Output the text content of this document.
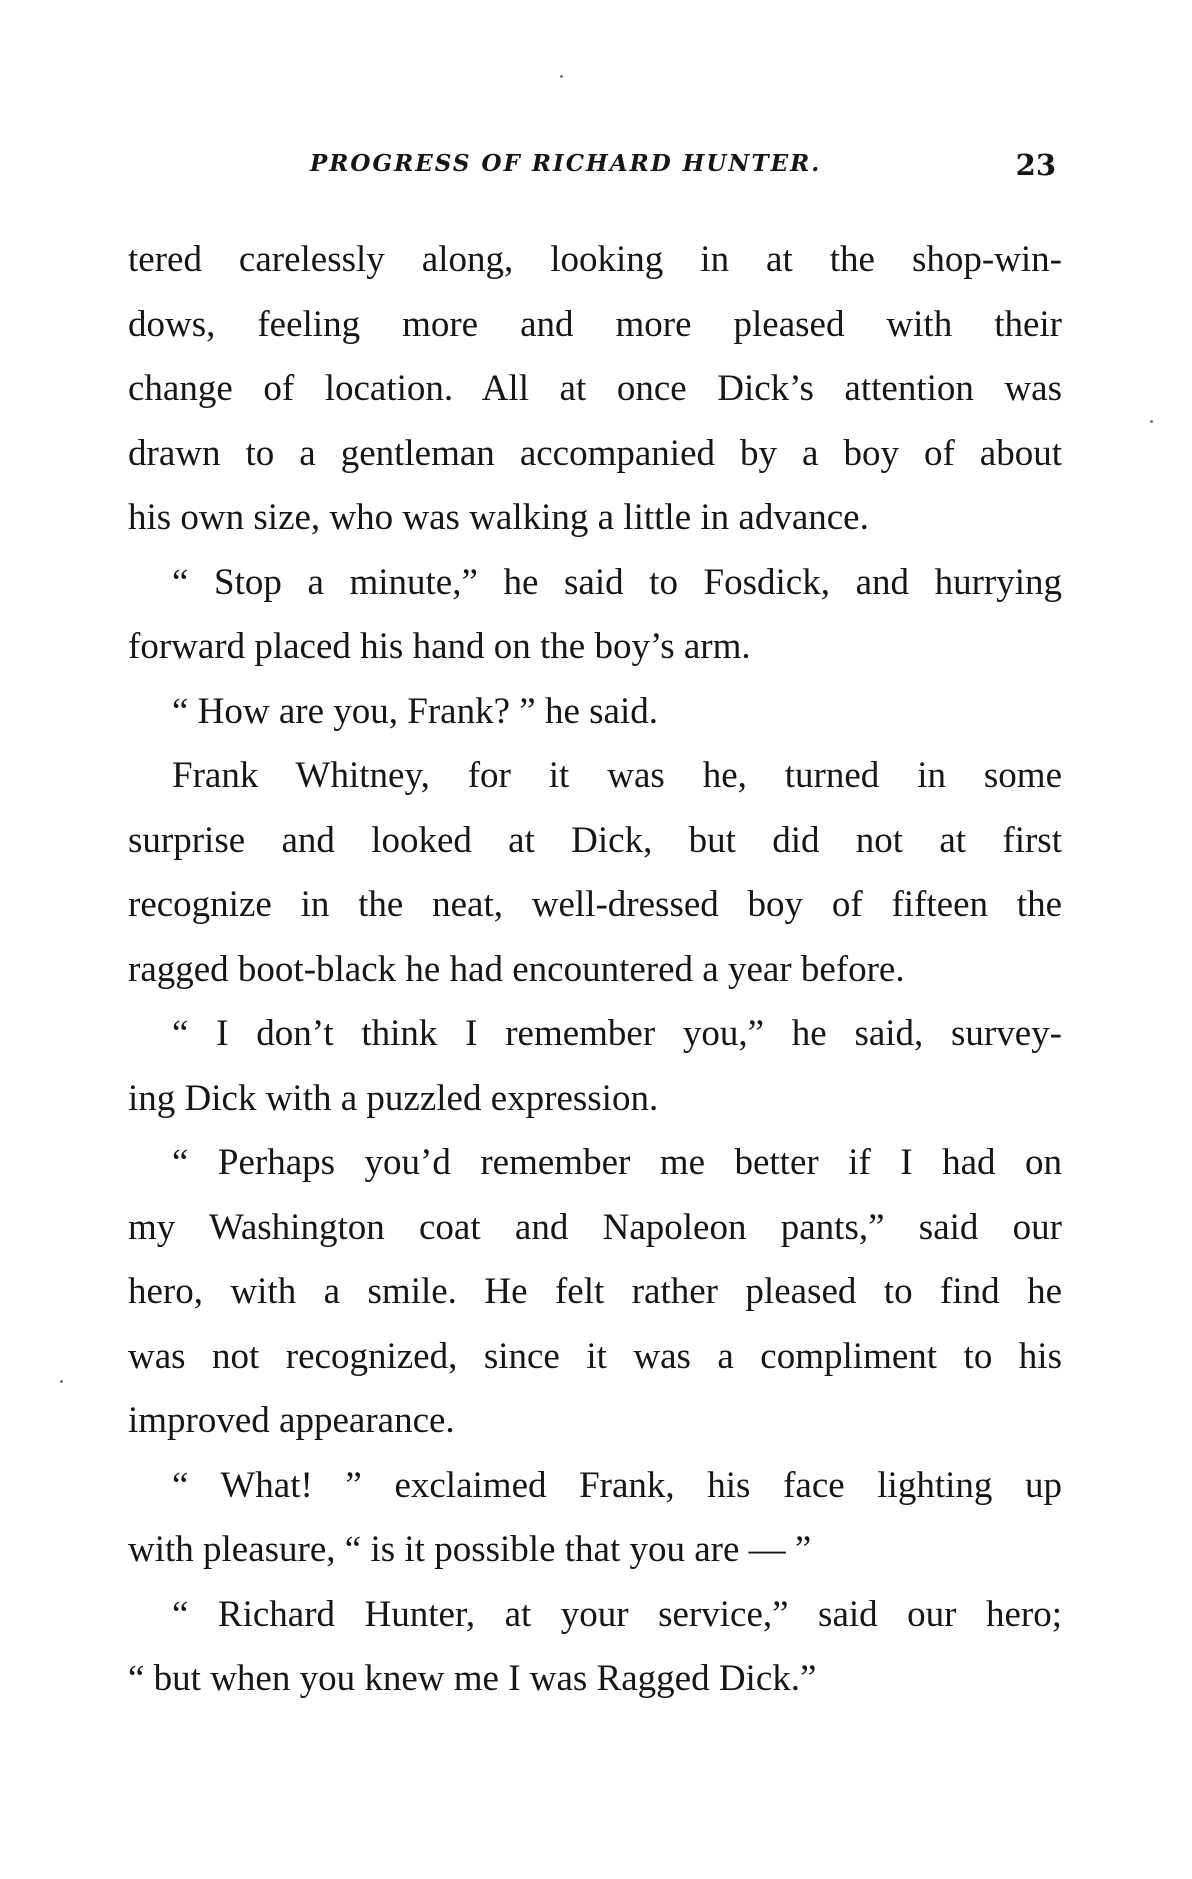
PROGRESS OF RICHARD HUNTER.	23
tered carelessly along, looking in at the shop-win-
dows, feeling more and more pleased with their
change of location. All at once Dick’s attention was
drawn to a gentleman accompanied by a boy of about
his own size, who was walking a little in advance.
“ Stop a minute,” he said to Fosdick, and hurrying
forward placed his hand on the boy’s arm.
“ How are you, Frank? ” he said.
Frank Whitney, for it was he, turned in some
surprise and looked at Dick, but did not at first
recognize in the neat, well-dressed boy of fifteen the
ragged boot-black he had encountered a year before.
“ I don’t think I remember you,” he said, survey-
ing Dick with a puzzled expression.
“ Perhaps you’d remember me better if I had on
my Washington coat and Napoleon pants,” said our
hero, with a smile. He felt rather pleased to find he
was not recognized, since it was a compliment to his
improved appearance.
“ What! ” exclaimed Frank, his face lighting up
with pleasure, “ is it possible that you are — ”
“ Richard Hunter, at your service,” said our hero;
“ but when you knew me I was Ragged Dick.”
